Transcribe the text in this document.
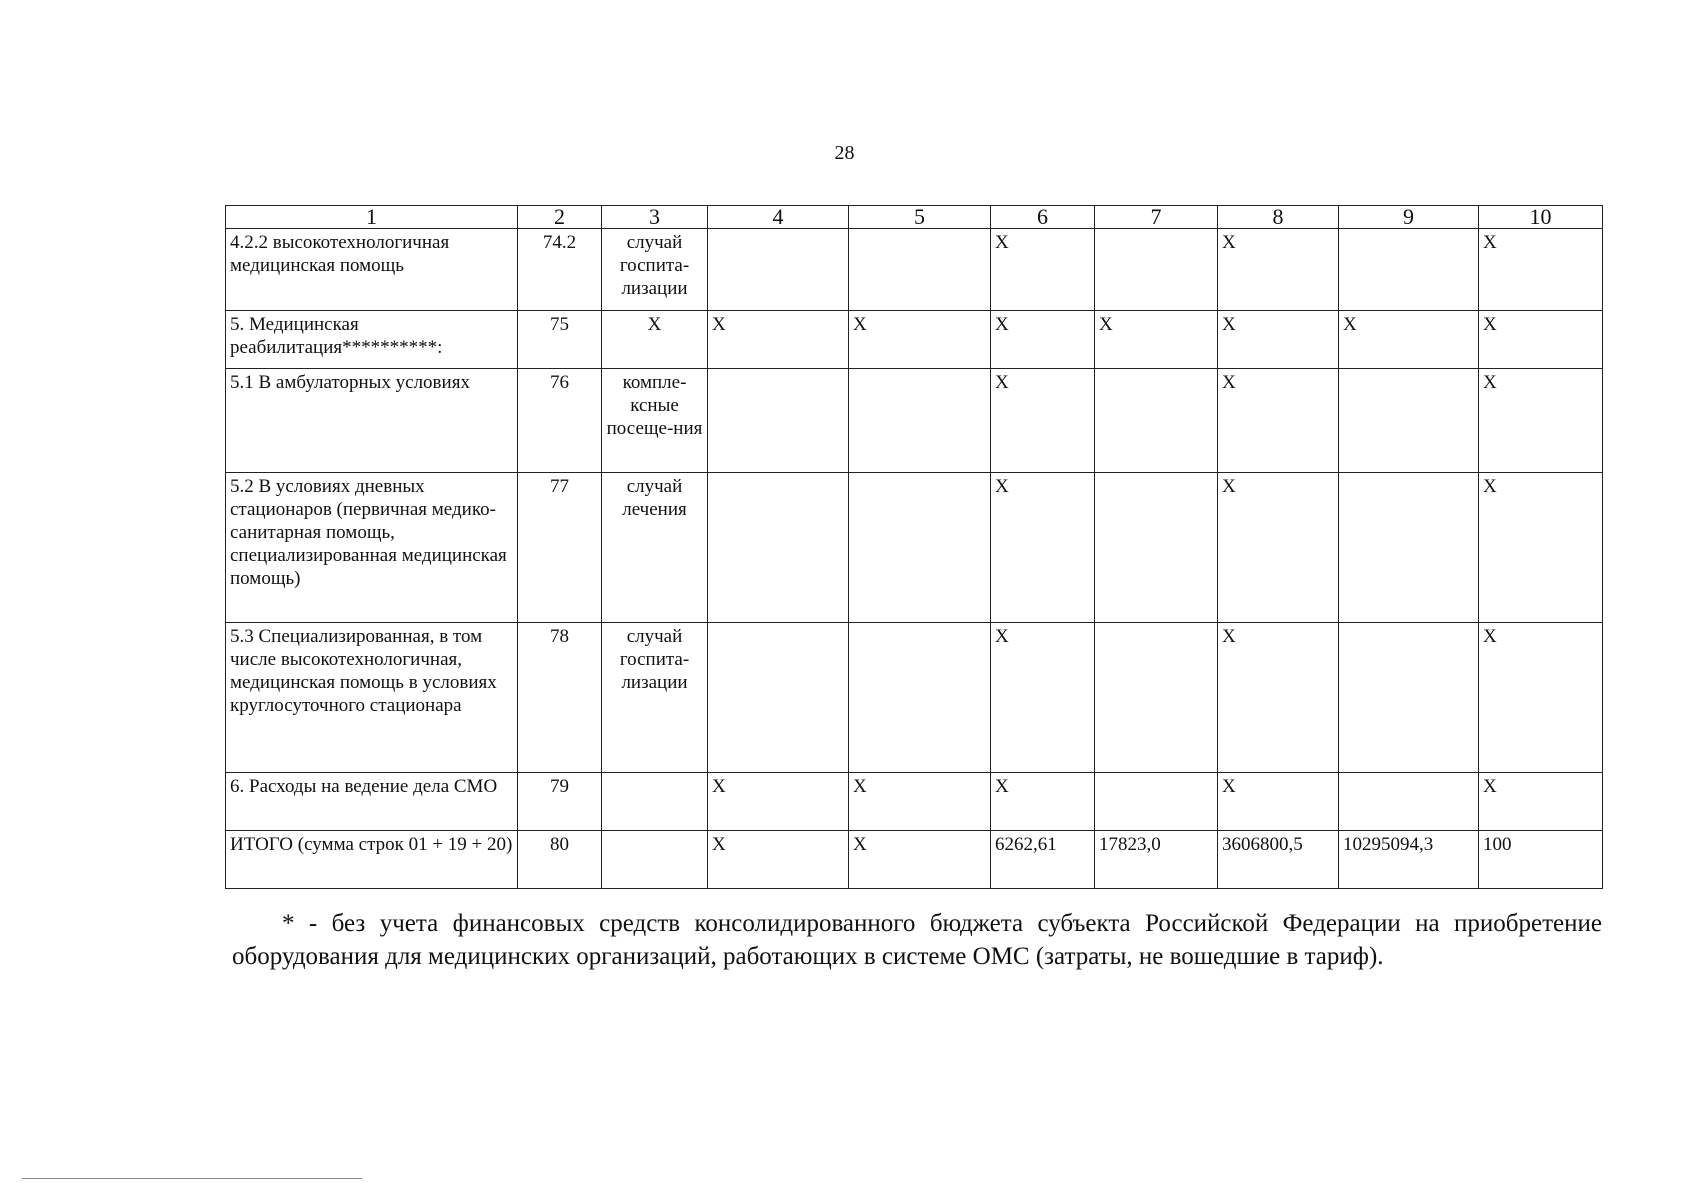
28
1	2	3	4	5	6	7	8	9	10
4.2.2 высокотехнологичная медицинская помощь	74.2	случай госпита-лизации			X		X		X
5. Медицинская реабилитация**********:	75	X	X	X	X	X	X	X	X
5.1 В амбулаторных условиях	76	компле-ксные посеще-ния			X		X		X
5.2 В условиях дневных стационаров (первичная медико-санитарная помощь, специализированная медицинская помощь)	77	случай лечения			X		X		X
5.3 Специализированная, в том числе высокотехнологичная, медицинская помощь в условиях круглосуточного стационара	78	случай госпита-лизации			X		X		X
6. Расходы на ведение дела СМО	79		X	X	X		X		X
ИТОГО (сумма строк 01 + 19 + 20)	80		X	X	6262,61	17823,0	3606800,5	10295094,3	100
* - без учета финансовых средств консолидированного бюджета субъекта Российской Федерации на приобретение оборудования для медицинских организаций, работающих в системе ОМС (затраты, не вошедшие в тариф).
